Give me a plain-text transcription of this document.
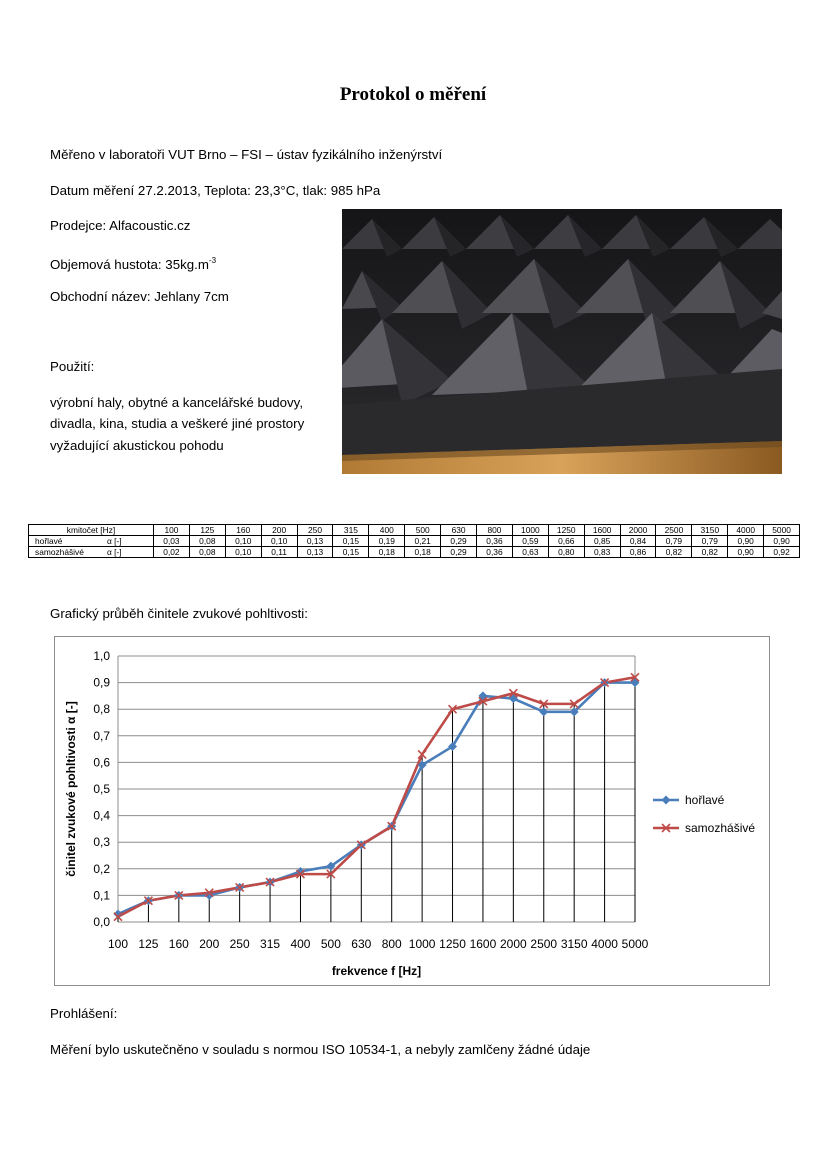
Protokol o měření
Měřeno v laboratoři VUT Brno – FSI – ústav fyzikálního inženýrství
Datum měření 27.2.2013, Teplota: 23,3°C, tlak: 985 hPa
Prodejce: Alfacoustic.cz
Objemová hustota: $35kg.m^{-3}$
Obchodní název: Jehlany 7cm
Použití:
výrobní haly, obytné a kancelářské budovy,
divadla, kina, studia a veškeré jiné prostory
vyžadující akustickou pohodu
kmitočet [Hz]	100	125	160	200	250	315	400	500	630	800	1000	1250	1600	2000	2500	3150	4000	5000
hořlavé α [-]	0,03	0,08	0,10	0,10	0,13	0,15	0,19	0,21	0,29	0,36	0,59	0,66	0,85	0,84	0,79	0,79	0,90	0,90
samozhášivé α [-]	0,02	0,08	0,10	0,11	0,13	0,15	0,18	0,18	0,29	0,36	0,63	0,80	0,83	0,86	0,82	0,82	0,90	0,92
Grafický průběh činitele zvukové pohltivosti:
0,0
0,1
0,2
0,3
0,4
0,5
0,6
0,7
0,8
0,9
1,0
100 125 160 200 250 315 400 500 630 800 1000 1250 1600 2000 2500 3150 4000 5000
frekvence f [Hz]
činitel zvukové pohltivosti α [-]	hořlavé
samozhášivé
Prohlášení:
Měření bylo uskutečněno v souladu s normou ISO 10534-1, a nebyly zamlčeny žádné údaje
